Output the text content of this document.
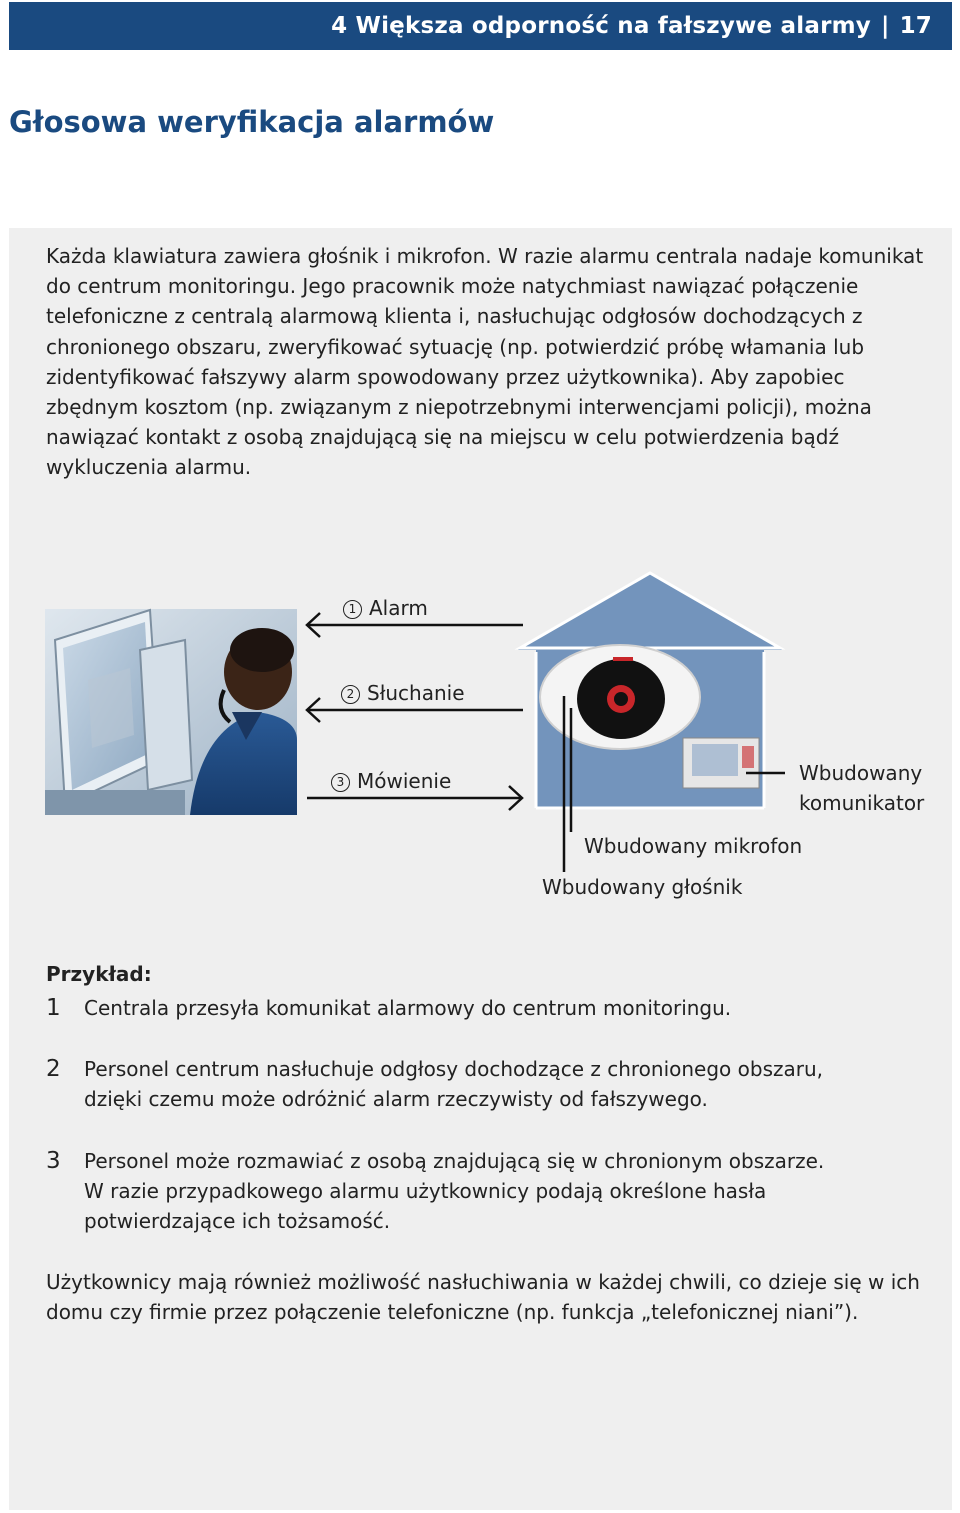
4 Większa odporność na fałszywe alarmy | 17
Głosowa weryfikacja alarmów
Każda klawiatura zawiera głośnik i mikrofon. W razie alarmu centrala nadaje komunikat do centrum monitoringu. Jego pracownik może natychmiast nawiązać połączenie telefoniczne z centralą alarmową klienta i, nasłuchując odgłosów dochodzących z chronionego obszaru, zweryfikować sytuację (np. potwierdzić próbę włamania lub zidentyfikować fałszywy alarm spowodowany przez użytkownika). Aby zapobiec zbędnym kosztom (np. związanym z niepotrzebnymi interwencjami policji), można nawiązać kontakt z osobą znajdującą się na miejscu w celu potwierdzenia bądź wykluczenia alarmu.
1 Alarm
2 Słuchanie
3 Mówienie	Wbudowany
komunikator
Wbudowany mikrofon
Wbudowany głośnik
Przykład:
1 Centrala przesyła komunikat alarmowy do centrum monitoringu.
2 Personel centrum nasłuchuje odgłosy dochodzące z chronionego obszaru, dzięki czemu może odróżnić alarm rzeczywisty od fałszywego.
3 Personel może rozmawiać z osobą znajdującą się w chronionym obszarze. W razie przypadkowego alarmu użytkownicy podają określone hasła potwierdzające ich tożsamość.
Użytkownicy mają również możliwość nasłuchiwania w każdej chwili, co dzieje się w ich domu czy firmie przez połączenie telefoniczne (np. funkcja „telefonicznej niani”).
